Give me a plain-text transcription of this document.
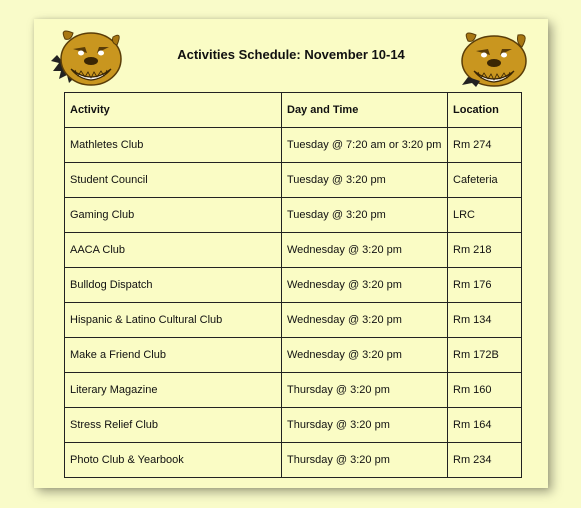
Activities Schedule: November 10-14
Activity	Day and Time	Location
Mathletes Club	Tuesday @ 7:20 am or 3:20 pm	Rm 274
Student Council	Tuesday @ 3:20 pm	Cafeteria
Gaming Club	Tuesday @ 3:20 pm	LRC
AACA Club	Wednesday @ 3:20 pm	Rm 218
Bulldog Dispatch	Wednesday @ 3:20 pm	Rm 176
Hispanic & Latino Cultural Club	Wednesday @ 3:20 pm	Rm 134
Make a Friend Club	Wednesday @ 3:20 pm	Rm 172B
Literary Magazine	Thursday @ 3:20 pm	Rm 160
Stress Relief Club	Thursday @ 3:20 pm	Rm 164
Photo Club & Yearbook	Thursday @ 3:20 pm	Rm 234
